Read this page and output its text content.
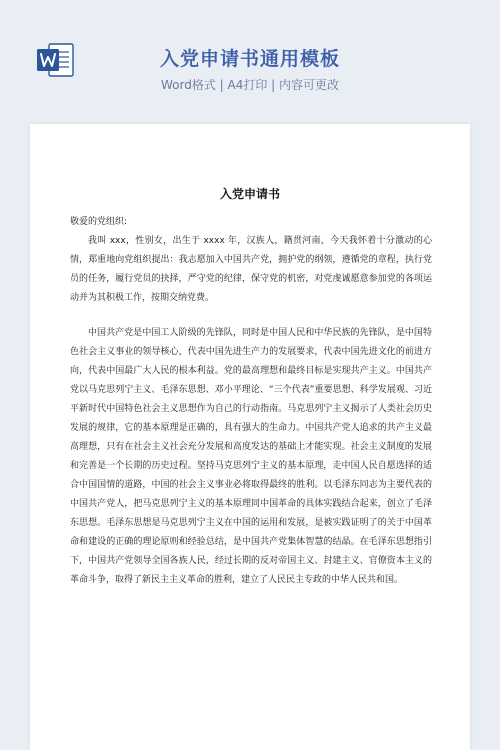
入党申请书通用模板
Word格式 | A4打印 | 内容可更改
入党申请书
敬爱的党组织:

我叫 xxx，性别女，出生于 xxxx 年，汉族人，籍贯河南，今天我怀着十分激动的心情，郑重地向党组织提出：我志愿加入中国共产党，拥护党的纲领，遵循党的章程，执行党员的任务，履行党员的抉择，严守党的纪律，保守党的机密，对党虔诚愿意参加党的各项运动并为其积极工作，按期交纳党费。

中国共产党是中国工人阶级的先锋队，同时是中国人民和中华民族的先锋队，是中国特色社会主义事业的领导核心，代表中国先进生产力的发展要求，代表中国先进文化的前进方向，代表中国最广大人民的根本利益。党的最高理想和最终目标是实现共产主义。中国共产党以马克思列宁主义、毛泽东思想、邓小平理论、“三个代表”重要思想、科学发展观、习近平新时代中国特色社会主义思想作为自己的行动指南。马克思列宁主义揭示了人类社会历史发展的规律，它的基本原理是正确的，具有强大的生命力。中国共产党人追求的共产主义最高理想，只有在社会主义社会充分发展和高度发达的基础上才能实现。社会主义制度的发展和完善是一个长期的历史过程。坚持马克思列宁主义的基本原理，走中国人民自愿选择的适合中国国情的道路，中国的社会主义事业必将取得最终的胜利。以毛泽东同志为主要代表的中国共产党人，把马克思列宁主义的基本原理同中国革命的具体实践结合起来，创立了毛泽东思想。毛泽东思想是马克思列宁主义在中国的运用和发展，是被实践证明了的关于中国革命和建设的正确的理论原则和经验总结，是中国共产党集体智慧的结晶。在毛泽东思想指引下，中国共产党领导全国各族人民，经过长期的反对帝国主义、封建主义、官僚资本主义的革命斗争，取得了新民主主义革命的胜利，建立了人民民主专政的中华人民共和国。
